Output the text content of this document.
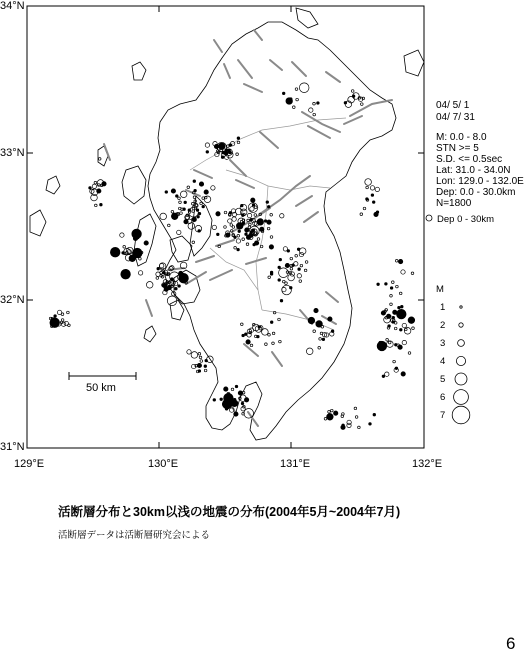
34°N
33°N
32°N
31°N
129°E	130°E	131°E	132°E
04/ 5/ 1
04/ 7/ 31
M: 0.0 - 8.0
STN >= 5
S.D. <= 0.5sec
Lat: 31.0 - 34.0N
Lon: 129.0 - 132.0E
Dep: 0.0 - 30.0km
N=1800
Dep 0 - 30km
M
1
2
3
4
5
6
7
50 km
活断層分布と30km以浅の地震の分布(2004年5月~2004年7月)
活断層データは活断層研究会による
6
